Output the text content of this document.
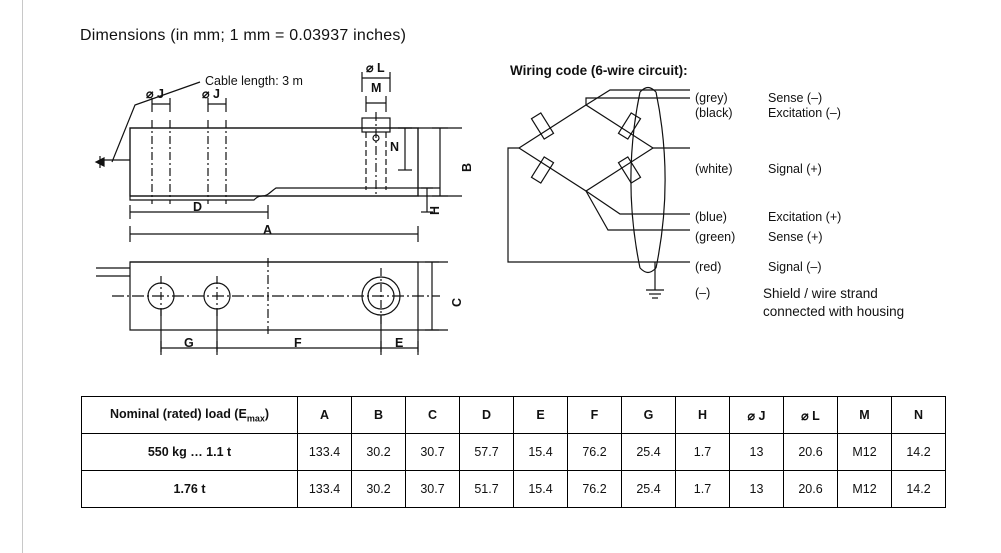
Dimensions (in mm; 1 mm = 0.03937 inches)
Wiring code (6-wire circuit):
Cable length: 3 m
⌀ J	⌀ J
⌀ L
M
N
B
H
D
A
C
G	F	E
(grey)	Sense (–)
(black)	Excitation (–)
(white)	Signal (+)
(blue)	Excitation (+)
(green)	Sense (+)
(red)	Signal (–)
(–)	Shield / wire strand
connected with housing
Nominal (rated) load $(E_{max})$	A	B	C	D	E	F	G	H	⌀ J	⌀ L	M	N
550 kg … 1.1 t	133.4	30.2	30.7	57.7	15.4	76.2	25.4	1.7	13	20.6	M12	14.2
1.76 t	133.4	30.2	30.7	51.7	15.4	76.2	25.4	1.7	13	20.6	M12	14.2
